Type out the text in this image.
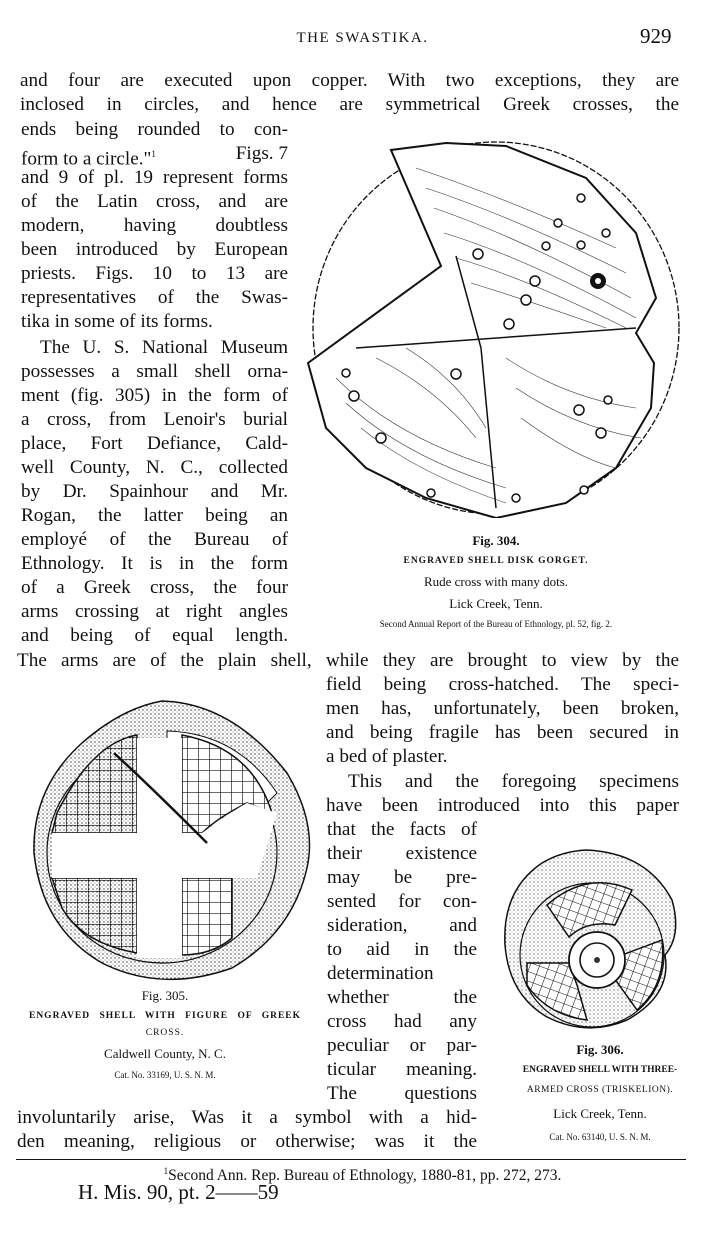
THE SWASTIKA.	929
and four are executed upon copper. With two exceptions, they are
inclosed in circles, and hence are symmetrical Greek crosses, the
ends being rounded to con-
form to a circle."$^1$	Figs. 7
and 9 of pl. 19 represent forms
of the Latin cross, and are
modern, having doubtless
been introduced by European
priests. Figs. 10 to 13 are
representatives of the Swas-
tika in some of its forms.
The U. S. National Museum
possesses a small shell orna-
ment (fig. 305) in the form of
a cross, from Lenoir's burial
place, Fort Defiance, Cald-
well County, N. C., collected
by Dr. Spainhour and Mr.
Rogan, the latter being an
employé of the Bureau of
Ethnology. It is in the form
of a Greek cross, the four
arms crossing at right angles
and being of equal length.
Fig. 304.
ENGRAVED SHELL DISK GORGET.
Rude cross with many dots.
Lick Creek, Tenn.
Second Annual Report of the Bureau of Ethnology, pl. 52, fig. 2.
The arms are of the plain shell, while they are brought to view by the
field being cross-hatched. The speci-
men has, unfortunately, been broken,
and being fragile has been secured in
a bed of plaster.
This and the foregoing specimens
have been introduced into this paper
Fig. 305.
ENGRAVED SHELL WITH FIGURE OF GREEK
CROSS.
Caldwell County, N. C.
Cat. No. 33169, U. S. N. M.
that the facts of
their existence
may be pre-
sented for con-
sideration, and
to aid in the
determination
whether the
cross had any
peculiar or par-
ticular meaning.
The questions
Fig. 306.
ENGRAVED SHELL WITH THREE-
ARMED CROSS (TRISKELION).
Lick Creek, Tenn.
Cat. No. 63140, U. S. N. M.
involuntarily arise, Was it a symbol with a hid-
den meaning, religious or otherwise; was it the
$^1$Second Ann. Rep. Bureau of Ethnology, 1880-81, pp. 272, 273.
H. Mis. 90, pt. 2——59
